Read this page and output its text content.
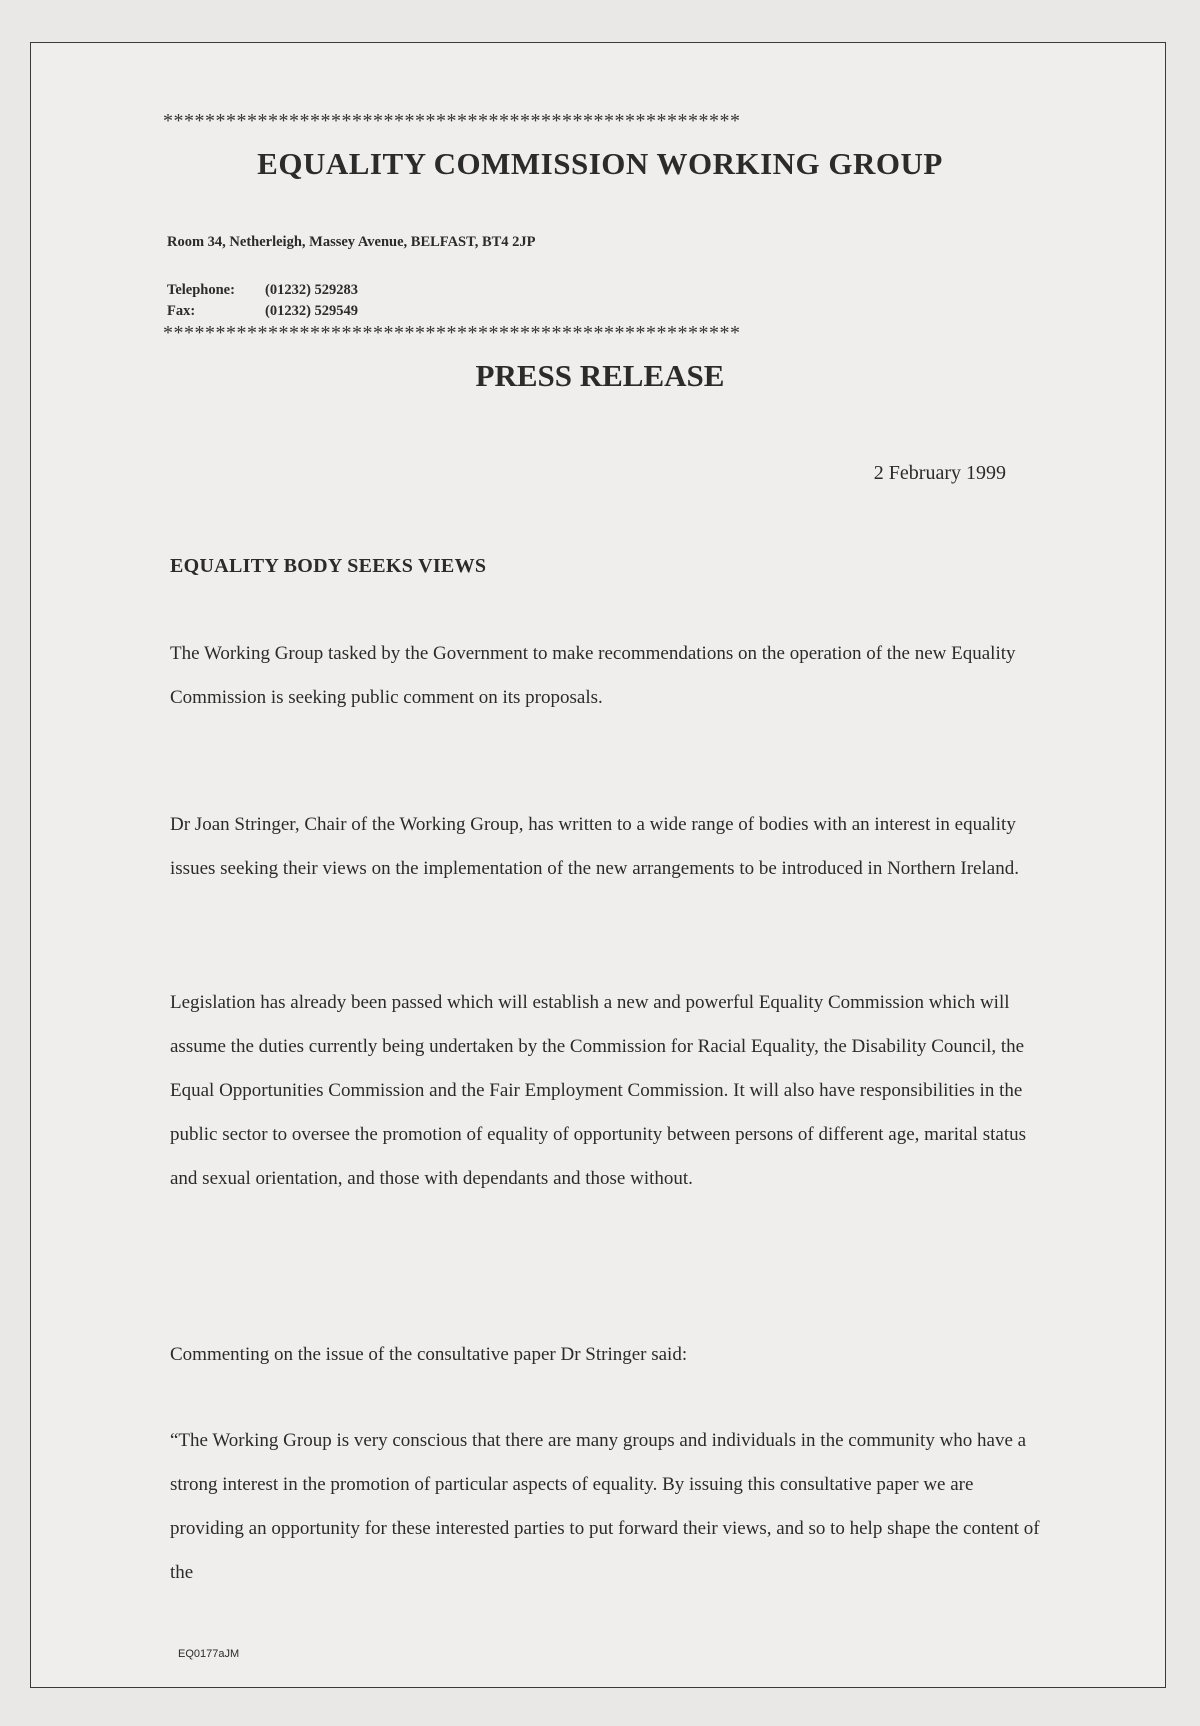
*******************************************************
EQUALITY COMMISSION WORKING GROUP
Room 34, Netherleigh, Massey Avenue, BELFAST, BT4 2JP
Telephone: (01232) 529283
Fax:	(01232) 529549
*******************************************************
PRESS RELEASE
2 February 1999
EQUALITY BODY SEEKS VIEWS

The Working Group tasked by the Government to make recommendations on the operation of the new Equality Commission is seeking public comment on its proposals.

Dr Joan Stringer, Chair of the Working Group, has written to a wide range of bodies with an interest in equality issues seeking their views on the implementation of the new arrangements to be introduced in Northern Ireland.

Legislation has already been passed which will establish a new and powerful Equality Commission which will assume the duties currently being undertaken by the Commission for Racial Equality, the Disability Council, the Equal Opportunities Commission and the Fair Employment Commission. It will also have responsibilities in the public sector to oversee the promotion of equality of opportunity between persons of different age, marital status and sexual orientation, and those with dependants and those without.

Commenting on the issue of the consultative paper Dr Stringer said:

“The Working Group is very conscious that there are many groups and individuals in the community who have a strong interest in the promotion of particular aspects of equality. By issuing this consultative paper we are providing an opportunity for these interested parties to put forward their views, and so to help shape the content of the

EQ0177aJM
